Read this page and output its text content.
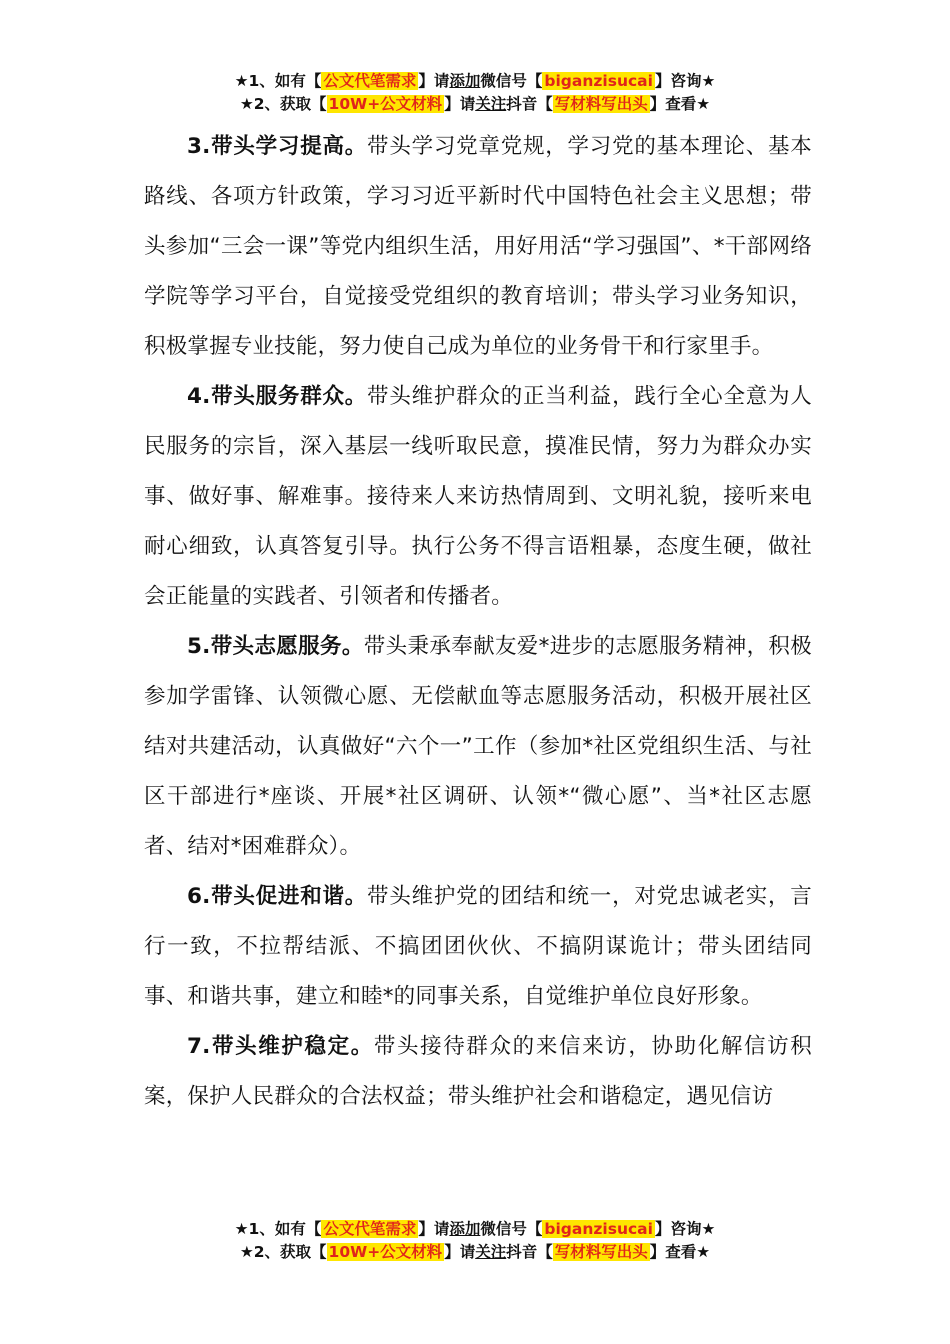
★1、如有【 公文代笔需求 】请添加微信号【 biganzisucai 】咨询★
★2、获取【 10W+公文材料 】请关注抖音【 写材料写出头 】查看★

3.带头学习提高。带头学习党章党规，学习党的基本理论、基本路线、各项方针政策，学习习近平新时代中国特色社会主义思想；带头参加“三会一课”等党内组织生活，用好用活“学习强国”、*干部网络学院等学习平台，自觉接受党组织的教育培训；带头学习业务知识，积极掌握专业技能，努力使自己成为单位的业务骨干和行家里手。

4.带头服务群众。带头维护群众的正当利益，践行全心全意为人民服务的宗旨，深入基层一线听取民意，摸准民情，努力为群众办实事、做好事、解难事。接待来人来访热情周到、文明礼貌，接听来电耐心细致，认真答复引导。执行公务不得言语粗暴，态度生硬，做社会正能量的实践者、引领者和传播者。

5.带头志愿服务。带头秉承奉献友爱*进步的志愿服务精神，积极参加学雷锋、认领微心愿、无偿献血等志愿服务活动，积极开展社区结对共建活动，认真做好“六个一”工作（参加*社区党组织生活、与社区干部进行*座谈、开展*社区调研、认领*“微心愿”、当*社区志愿者、结对*困难群众）。

6.带头促进和谐。带头维护党的团结和统一，对党忠诚老实，言行一致，不拉帮结派、不搞团团伙伙、不搞阴谋诡计；带头团结同事、和谐共事，建立和睦*的同事关系，自觉维护单位良好形象。

7.带头维护稳定。带头接待群众的来信来访，协助化解信访积案，保护人民群众的合法权益；带头维护社会和谐稳定，遇见信访

★1、如有【 公文代笔需求 】请添加微信号【 biganzisucai 】咨询★
★2、获取【 10W+公文材料 】请关注抖音【 写材料写出头 】查看★
